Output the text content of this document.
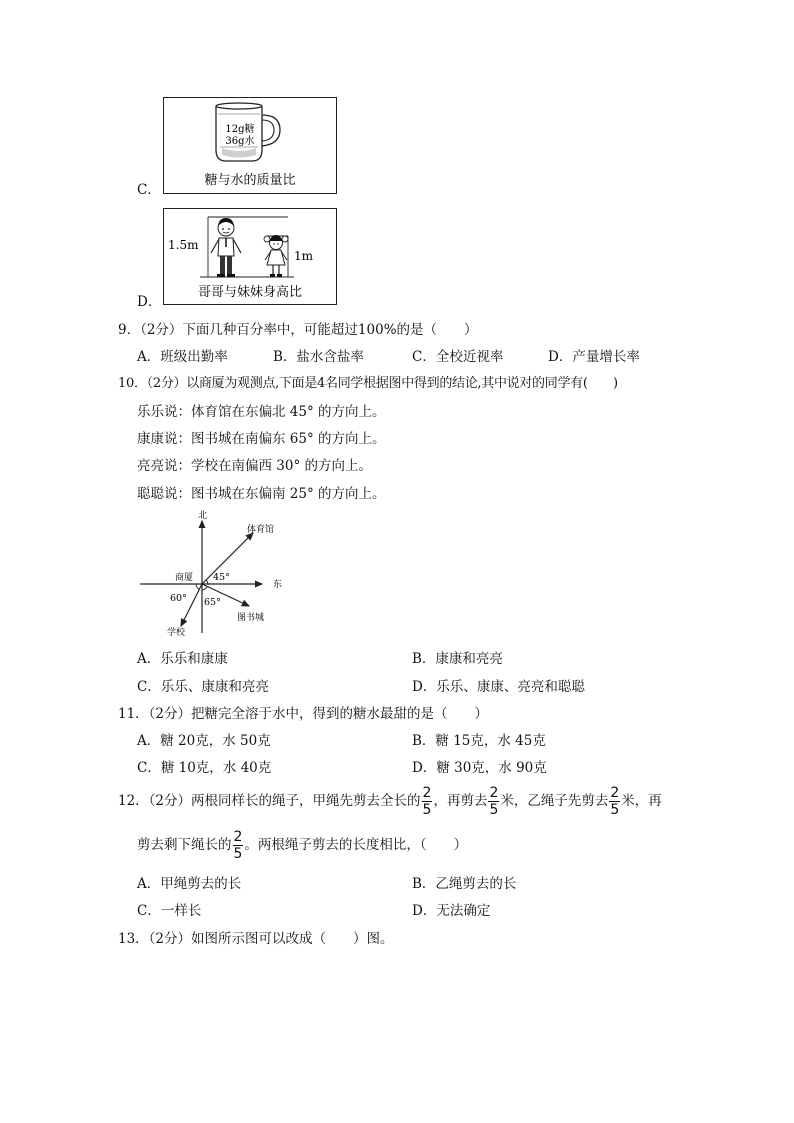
C．
12g糖
36g水
糖与水的质量比
D．
1.5m
1m
哥哥与妹妹身高比
9．（2分）下面几种百分率中，可能超过100%的是（　　）
A．班级出勤率	B．盐水含盐率	C．全校近视率	D．产量增长率
10．（2分）以商厦为观测点,下面是4名同学根据图中得到的结论,其中说对的同学有(　　)
乐乐说：体育馆在东偏北 45° 的方向上。
康康说：图书城在南偏东 65° 的方向上。
亮亮说：学校在南偏西 30° 的方向上。
聪聪说：图书城在东偏南 25° 的方向上。
北
东
体育馆
图书城
学校
商厦 45°
60° 65°
A．乐乐和康康	B．康康和亮亮
C．乐乐、康康和亮亮	D．乐乐、康康、亮亮和聪聪
11．（2分）把糖完全溶于水中，得到的糖水最甜的是（　　）
A．糖 20克，水 50克	B．糖 15克，水 45克
C．糖 10克，水 40克	D．糖 30克，水 90克
12．（2分）两根同样长的绳子，甲绳先剪去全长的 $\frac{2}{5}$ ，再剪去 $\frac{2}{5}$ 米，乙绳子先剪去 $\frac{2}{5}$ 米，再
剪去剩下绳长的 $\frac{2}{5}$ 。两根绳子剪去的长度相比，（　　）
A．甲绳剪去的长	B．乙绳剪去的长
C．一样长	D．无法确定
13．（2分）如图所示图可以改成（　　）图。
